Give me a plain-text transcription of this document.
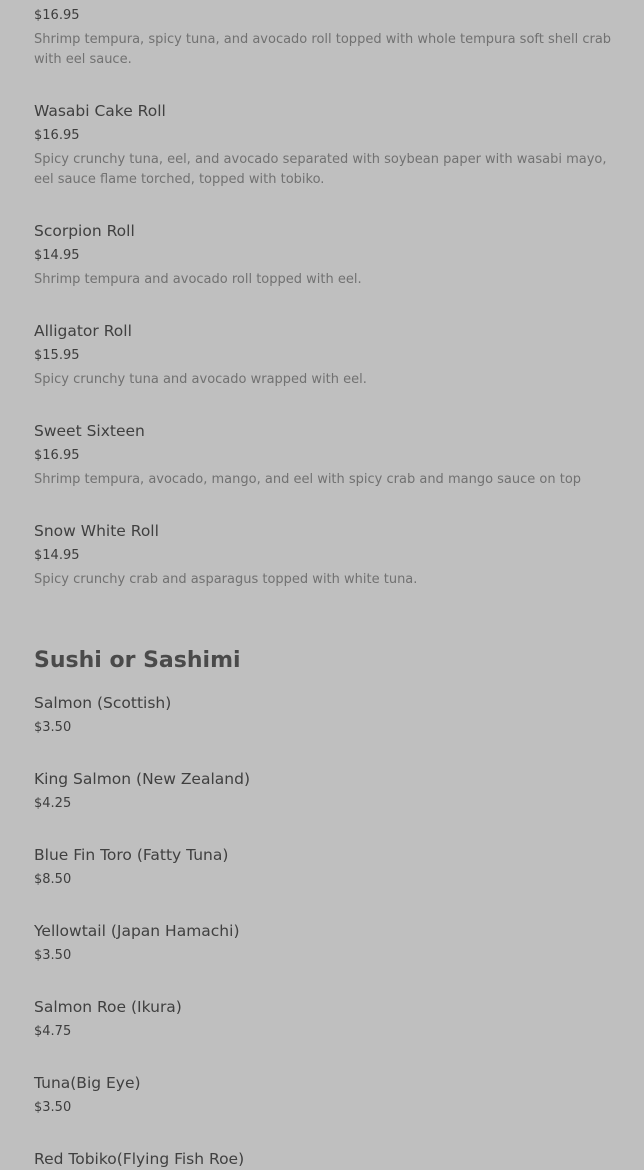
$16.95
Shrimp tempura, spicy tuna, and avocado roll topped with whole tempura soft shell crab with eel sauce.
Wasabi Cake Roll
$16.95
Spicy crunchy tuna, eel, and avocado separated with soybean paper with wasabi mayo, eel sauce flame torched, topped with tobiko.
Scorpion Roll
$14.95
Shrimp tempura and avocado roll topped with eel.
Alligator Roll
$15.95
Spicy crunchy tuna and avocado wrapped with eel.
Sweet Sixteen
$16.95
Shrimp tempura, avocado, mango, and eel with spicy crab and mango sauce on top
Snow White Roll
$14.95
Spicy crunchy crab and asparagus topped with white tuna.
Sushi or Sashimi
Salmon (Scottish)
$3.50
King Salmon (New Zealand)
$4.25
Blue Fin Toro (Fatty Tuna)
$8.50
Yellowtail (Japan Hamachi)
$3.50
Salmon Roe (Ikura)
$4.75
Tuna(Big Eye)
$3.50
Red Tobiko(Flying Fish Roe)
